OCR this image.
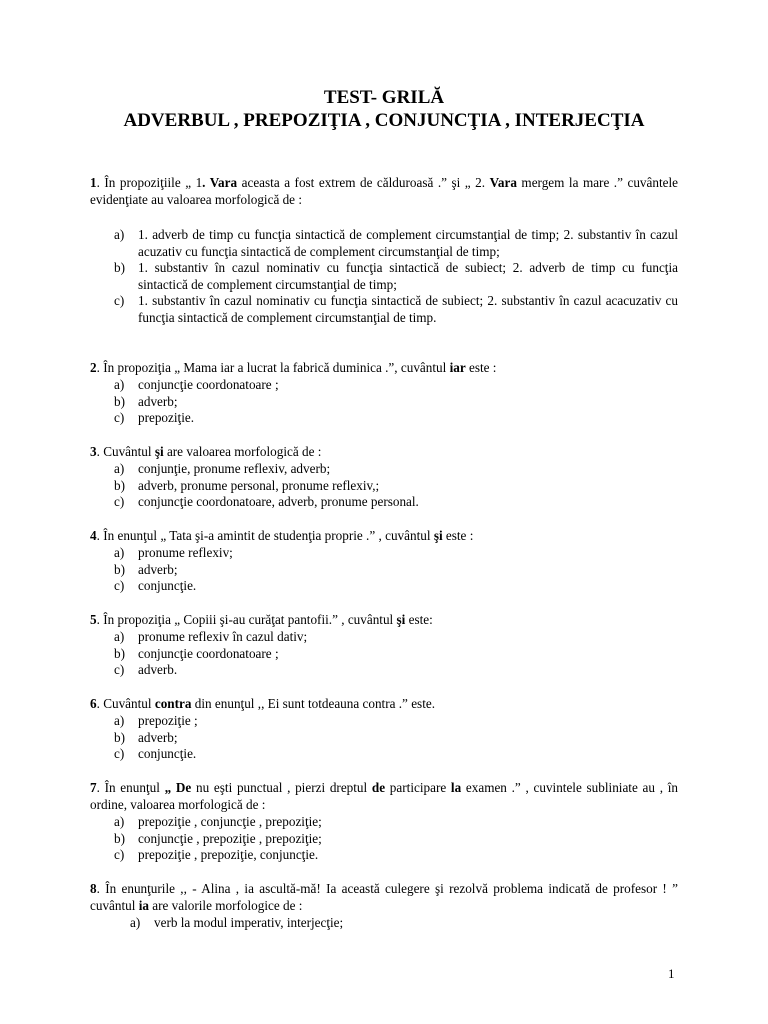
TEST- GRILĂ
ADVERBUL , PREPOZIŢIA , CONJUNCŢIA , INTERJECŢIA

1. În propoziţiile „ 1. Vara aceasta a fost extrem de călduroasă .” şi „ 2. Vara mergem la mare .” cuvântele evidenţiate au valoarea morfologică de :

a) 1. adverb de timp cu funcţia sintactică de complement circumstanţial de timp; 2. substantiv în cazul acuzativ cu funcţia sintactică de complement circumstanţial de timp;
b) 1. substantiv în cazul nominativ cu funcţia sintactică de subiect; 2. adverb de timp cu funcţia sintactică de complement circumstanţial de timp;
c) 1. substantiv în cazul nominativ cu funcţia sintactică de subiect; 2. substantiv în cazul acacuzativ cu funcţia sintactică de complement circumstanţial de timp.

2. În propoziţia „ Mama iar a lucrat la fabrică duminica .”, cuvântul iar este :

a) conjuncţie coordonatoare ;
b) adverb;
c) prepoziţie.

3. Cuvântul şi are valoarea morfologică de :

a) conjunţie, pronume reflexiv, adverb;
b) adverb, pronume personal, pronume reflexiv,;
c) conjuncţie coordonatoare, adverb, pronume personal.

4. În enunţul „ Tata şi-a amintit de studenţia proprie .” , cuvântul şi este :

a) pronume reflexiv;
b) adverb;
c) conjuncţie.

5. În propoziţia „ Copiii şi-au curăţat pantofii.” , cuvântul şi este:

a) pronume reflexiv în cazul dativ;
b) conjuncţie coordonatoare ;
c) adverb.

6. Cuvântul contra din enunţul ,, Ei sunt totdeauna contra .” este.

a) prepoziţie ;
b) adverb;
c) conjuncţie.

7. În enunţul „ De nu eşti punctual , pierzi dreptul de participare la examen .” , cuvintele subliniate au , în ordine, valoarea morfologică de :

a) prepoziţie , conjuncţie , prepoziţie;
b) conjuncţie , prepoziţie , prepoziţie;
c) prepoziţie , prepoziţie, conjuncţie.

8. În enunţurile ,, - Alina , ia ascultă-mă! Ia această culegere şi rezolvă problema indicată de profesor ! ” cuvântul ia are valorile morfologice de :

a) verb la modul imperativ, interjecţie;
1
